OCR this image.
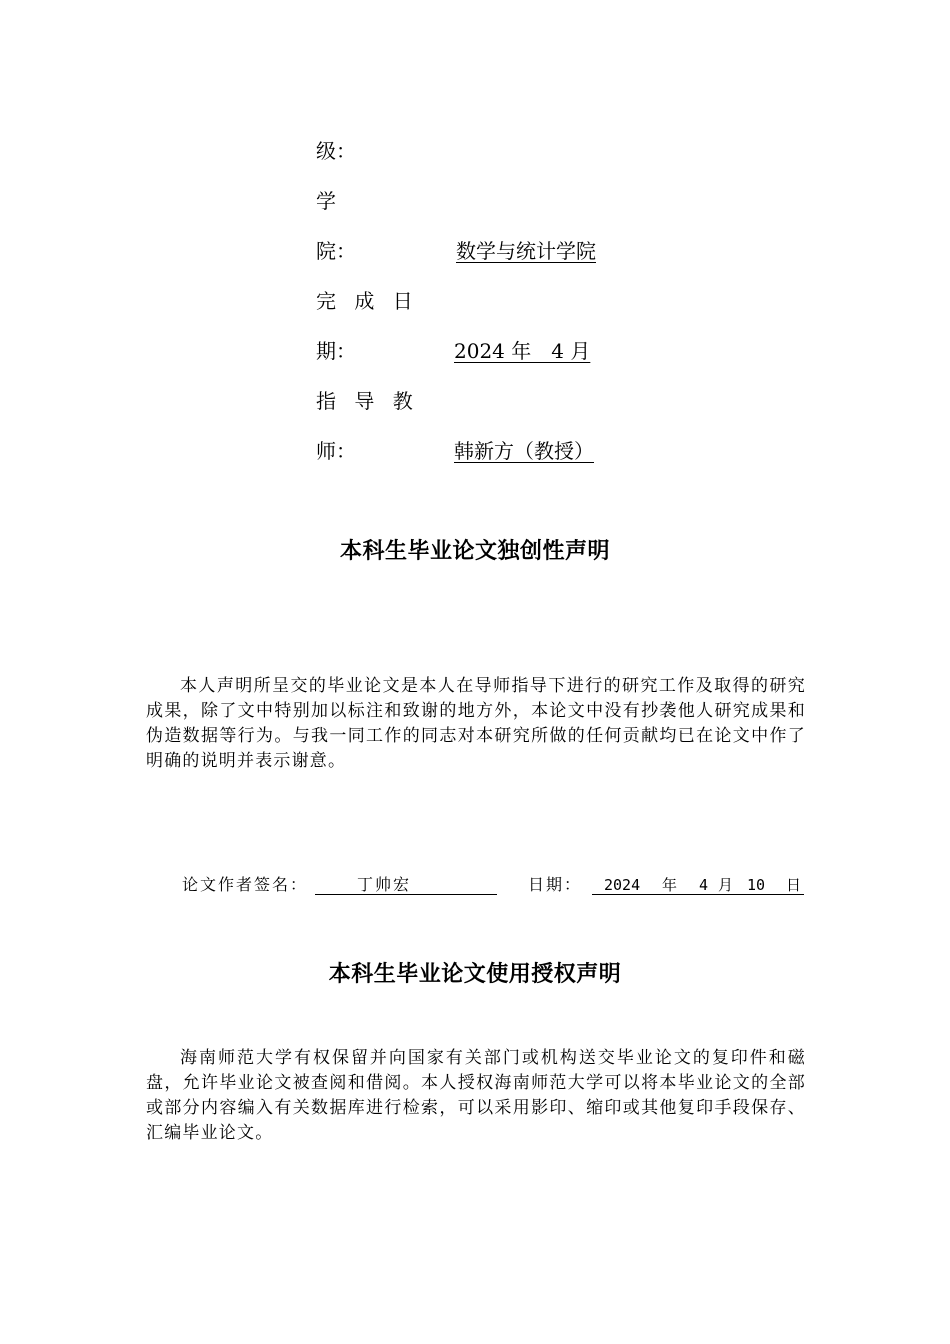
级：
学
院：	数学与统计学院
完 成 日
期：	2024 年　4 月
指 导 教
师：	韩新方（教授）
本科生毕业论文独创性声明
本人声明所呈交的毕业论文是本人在导师指导下进行的研究工作及取得的研究成果，除了文中特别加以标注和致谢的地方外，本论文中没有抄袭他人研究成果和伪造数据等行为。与我一同工作的同志对本研究所做的任何贡献均已在论文中作了明确的说明并表示谢意。
论文作者签名：	丁帅宏	日期： 2024 年 4 月 10 日
本科生毕业论文使用授权声明
海南师范大学有权保留并向国家有关部门或机构送交毕业论文的复印件和磁盘，允许毕业论文被查阅和借阅。本人授权海南师范大学可以将本毕业论文的全部或部分内容编入有关数据库进行检索，可以采用影印、缩印或其他复印手段保存、汇编毕业论文。
